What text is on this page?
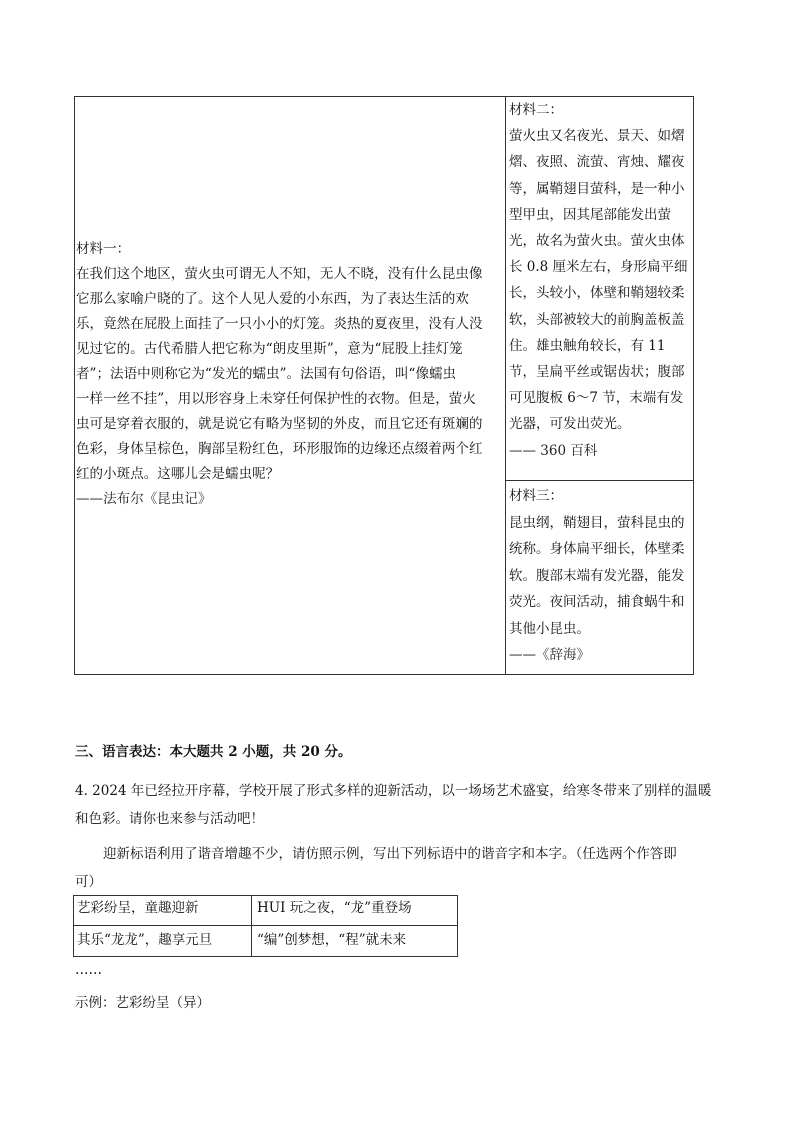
材料一：
在我们这个地区，萤火虫可谓无人不知，无人不晓，没有什么昆虫像
它那么家喻户晓的了。这个人见人爱的小东西，为了表达生活的欢
乐，竟然在屁股上面挂了一只小小的灯笼。炎热的夏夜里，没有人没
见过它的。古代希腊人把它称为“朗皮里斯”，意为“屁股上挂灯笼
者”；法语中则称它为“发光的蠕虫”。法国有句俗语，叫“像蠕虫
一样一丝不挂”，用以形容身上未穿任何保护性的衣物。但是，萤火
虫可是穿着衣服的，就是说它有略为坚韧的外皮，而且它还有斑斓的
色彩，身体呈棕色，胸部呈粉红色，环形服饰的边缘还点缀着两个红
红的小斑点。这哪儿会是蠕虫呢？
——法布尔《昆虫记》
材料二：
萤火虫又名夜光、景天、如熠
熠、夜照、流萤、宵烛、耀夜
等，属鞘翅目萤科，是一种小
型甲虫，因其尾部能发出萤
光，故名为萤火虫。萤火虫体
长 0.8 厘米左右，身形扁平细
长，头较小，体壁和鞘翅较柔
软，头部被较大的前胸盖板盖
住。雄虫触角较长，有 11
节，呈扁平丝或锯齿状；腹部
可见腹板 6～7 节，末端有发
光器，可发出荧光。
—— 360 百科
材料三：
昆虫纲，鞘翅目，萤科昆虫的
统称。身体扁平细长，体壁柔
软。腹部末端有发光器，能发
荧光。夜间活动，捕食蜗牛和
其他小昆虫。
——《辞海》
三、语言表达：本大题共 2 小题，共 20 分。
4. 2024 年已经拉开序幕，学校开展了形式多样的迎新活动，以一场场艺术盛宴，给寒冬带来了别样的温暖
和色彩。请你也来参与活动吧！
迎新标语利用了谐音增趣不少，请仿照示例，写出下列标语中的谐音字和本字。（任选两个作答即
可）
艺彩纷呈，童趣迎新	HUI 玩之夜，“龙”重登场
其乐“龙龙”，趣享元旦	“编”创梦想，“程”就未来
……
示例：艺彩纷呈（异）
